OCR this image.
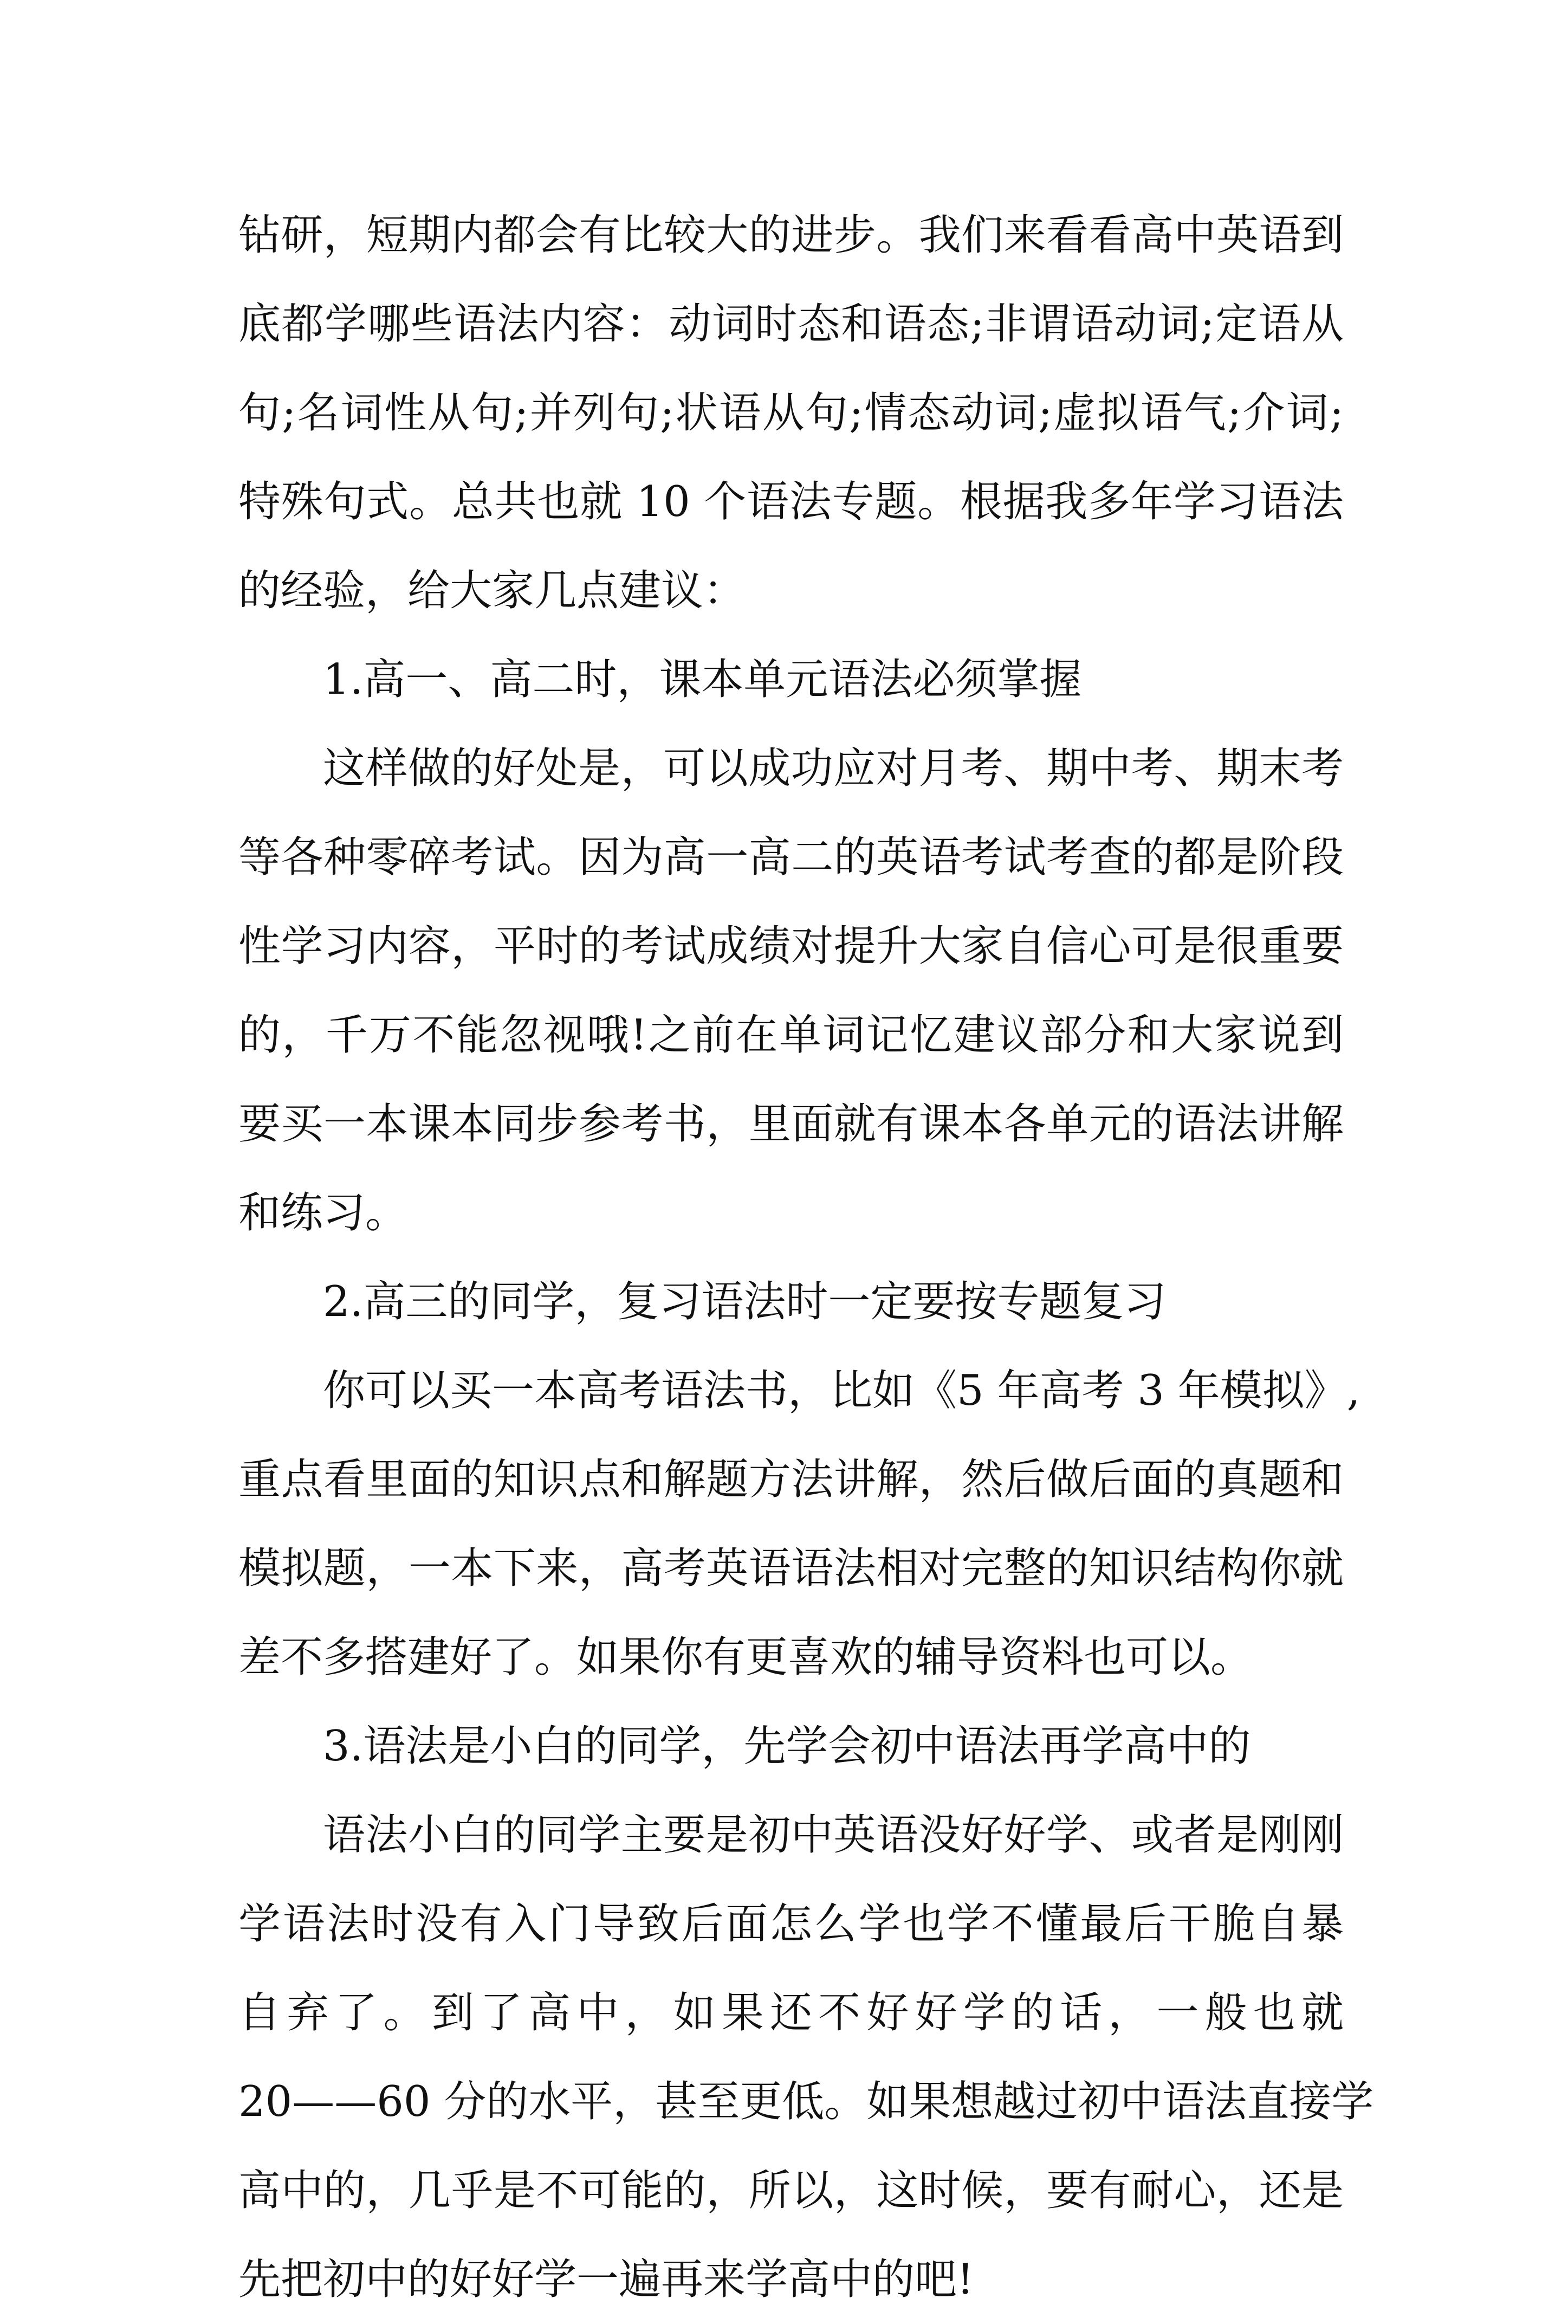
钻研，短期内都会有比较大的进步。我们来看看高中英语到
底都学哪些语法内容：动词时态和语态;非谓语动词;定语从
句;名词性从句;并列句;状语从句;情态动词;虚拟语气;介词;
特殊句式。总共也就 10 个语法专题。根据我多年学习语法
的经验，给大家几点建议：
1.高一、高二时，课本单元语法必须掌握
这样做的好处是，可以成功应对月考、期中考、期末考
等各种零碎考试。因为高一高二的英语考试考查的都是阶段
性学习内容，平时的考试成绩对提升大家自信心可是很重要
的，千万不能忽视哦!之前在单词记忆建议部分和大家说到
要买一本课本同步参考书，里面就有课本各单元的语法讲解
和练习。
2.高三的同学，复习语法时一定要按专题复习
你可以买一本高考语法书，比如《5 年高考 3 年模拟》,
重点看里面的知识点和解题方法讲解，然后做后面的真题和
模拟题，一本下来，高考英语语法相对完整的知识结构你就
差不多搭建好了。如果你有更喜欢的辅导资料也可以。
3.语法是小白的同学，先学会初中语法再学高中的
语法小白的同学主要是初中英语没好好学、或者是刚刚
学语法时没有入门导致后面怎么学也学不懂最后干脆自暴
自弃了。到了高中，如果还不好好学的话，一般也就
20——60 分的水平，甚至更低。如果想越过初中语法直接学
高中的，几乎是不可能的，所以，这时候，要有耐心，还是
先把初中的好好学一遍再来学高中的吧!
